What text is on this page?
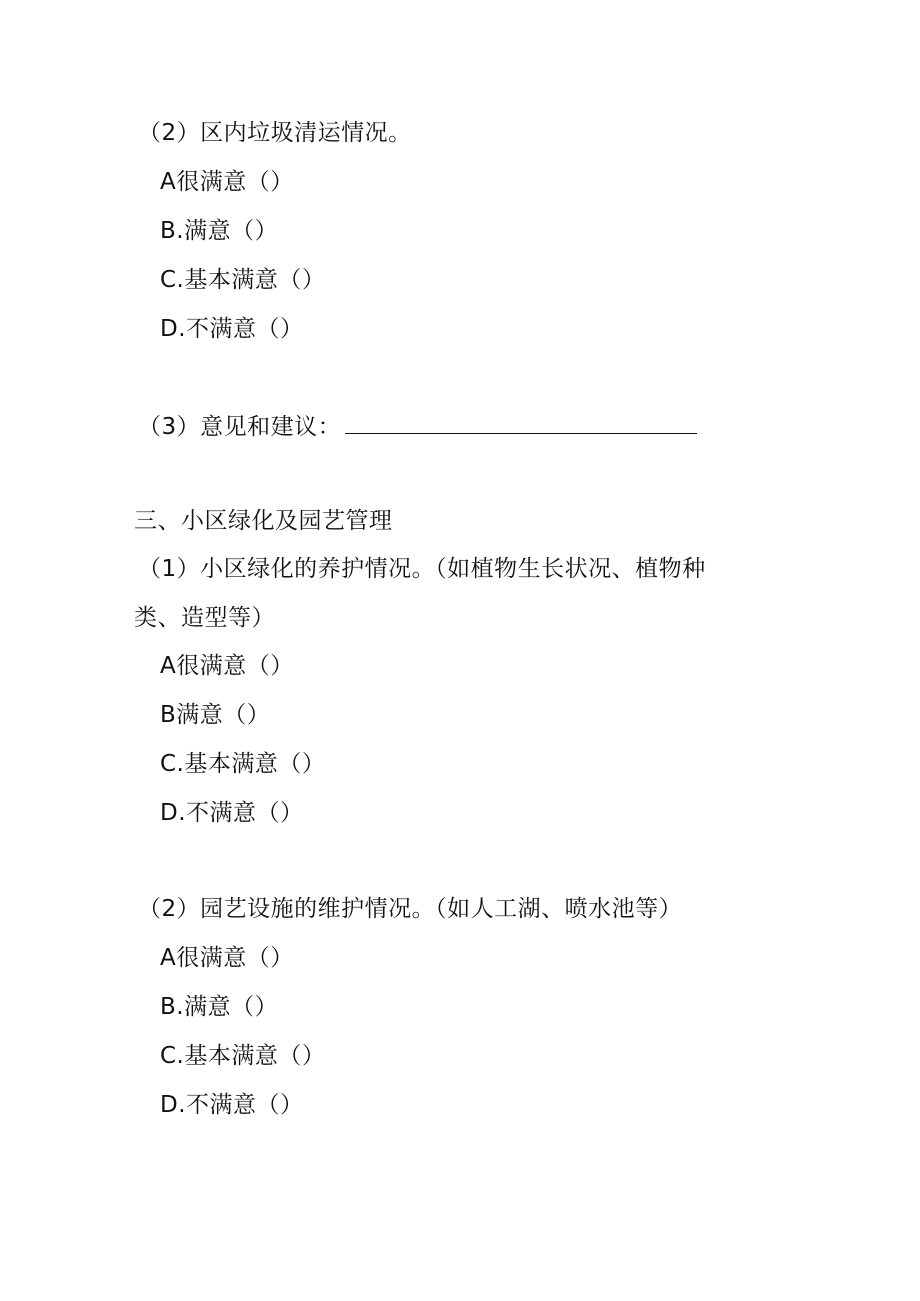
（2）区内垃圾清运情况。
A很满意（）
B.满意（）
C.基本满意（）
D.不满意（）
（3）意见和建议：
三、小区绿化及园艺管理
（1）小区绿化的养护情况。（如植物生长状况、植物种
类、造型等）
A很满意（）
B满意（）
C.基本满意（）
D.不满意（）
（2）园艺设施的维护情况。（如人工湖、喷水池等）
A很满意（）
B.满意（）
C.基本满意（）
D.不满意（）
